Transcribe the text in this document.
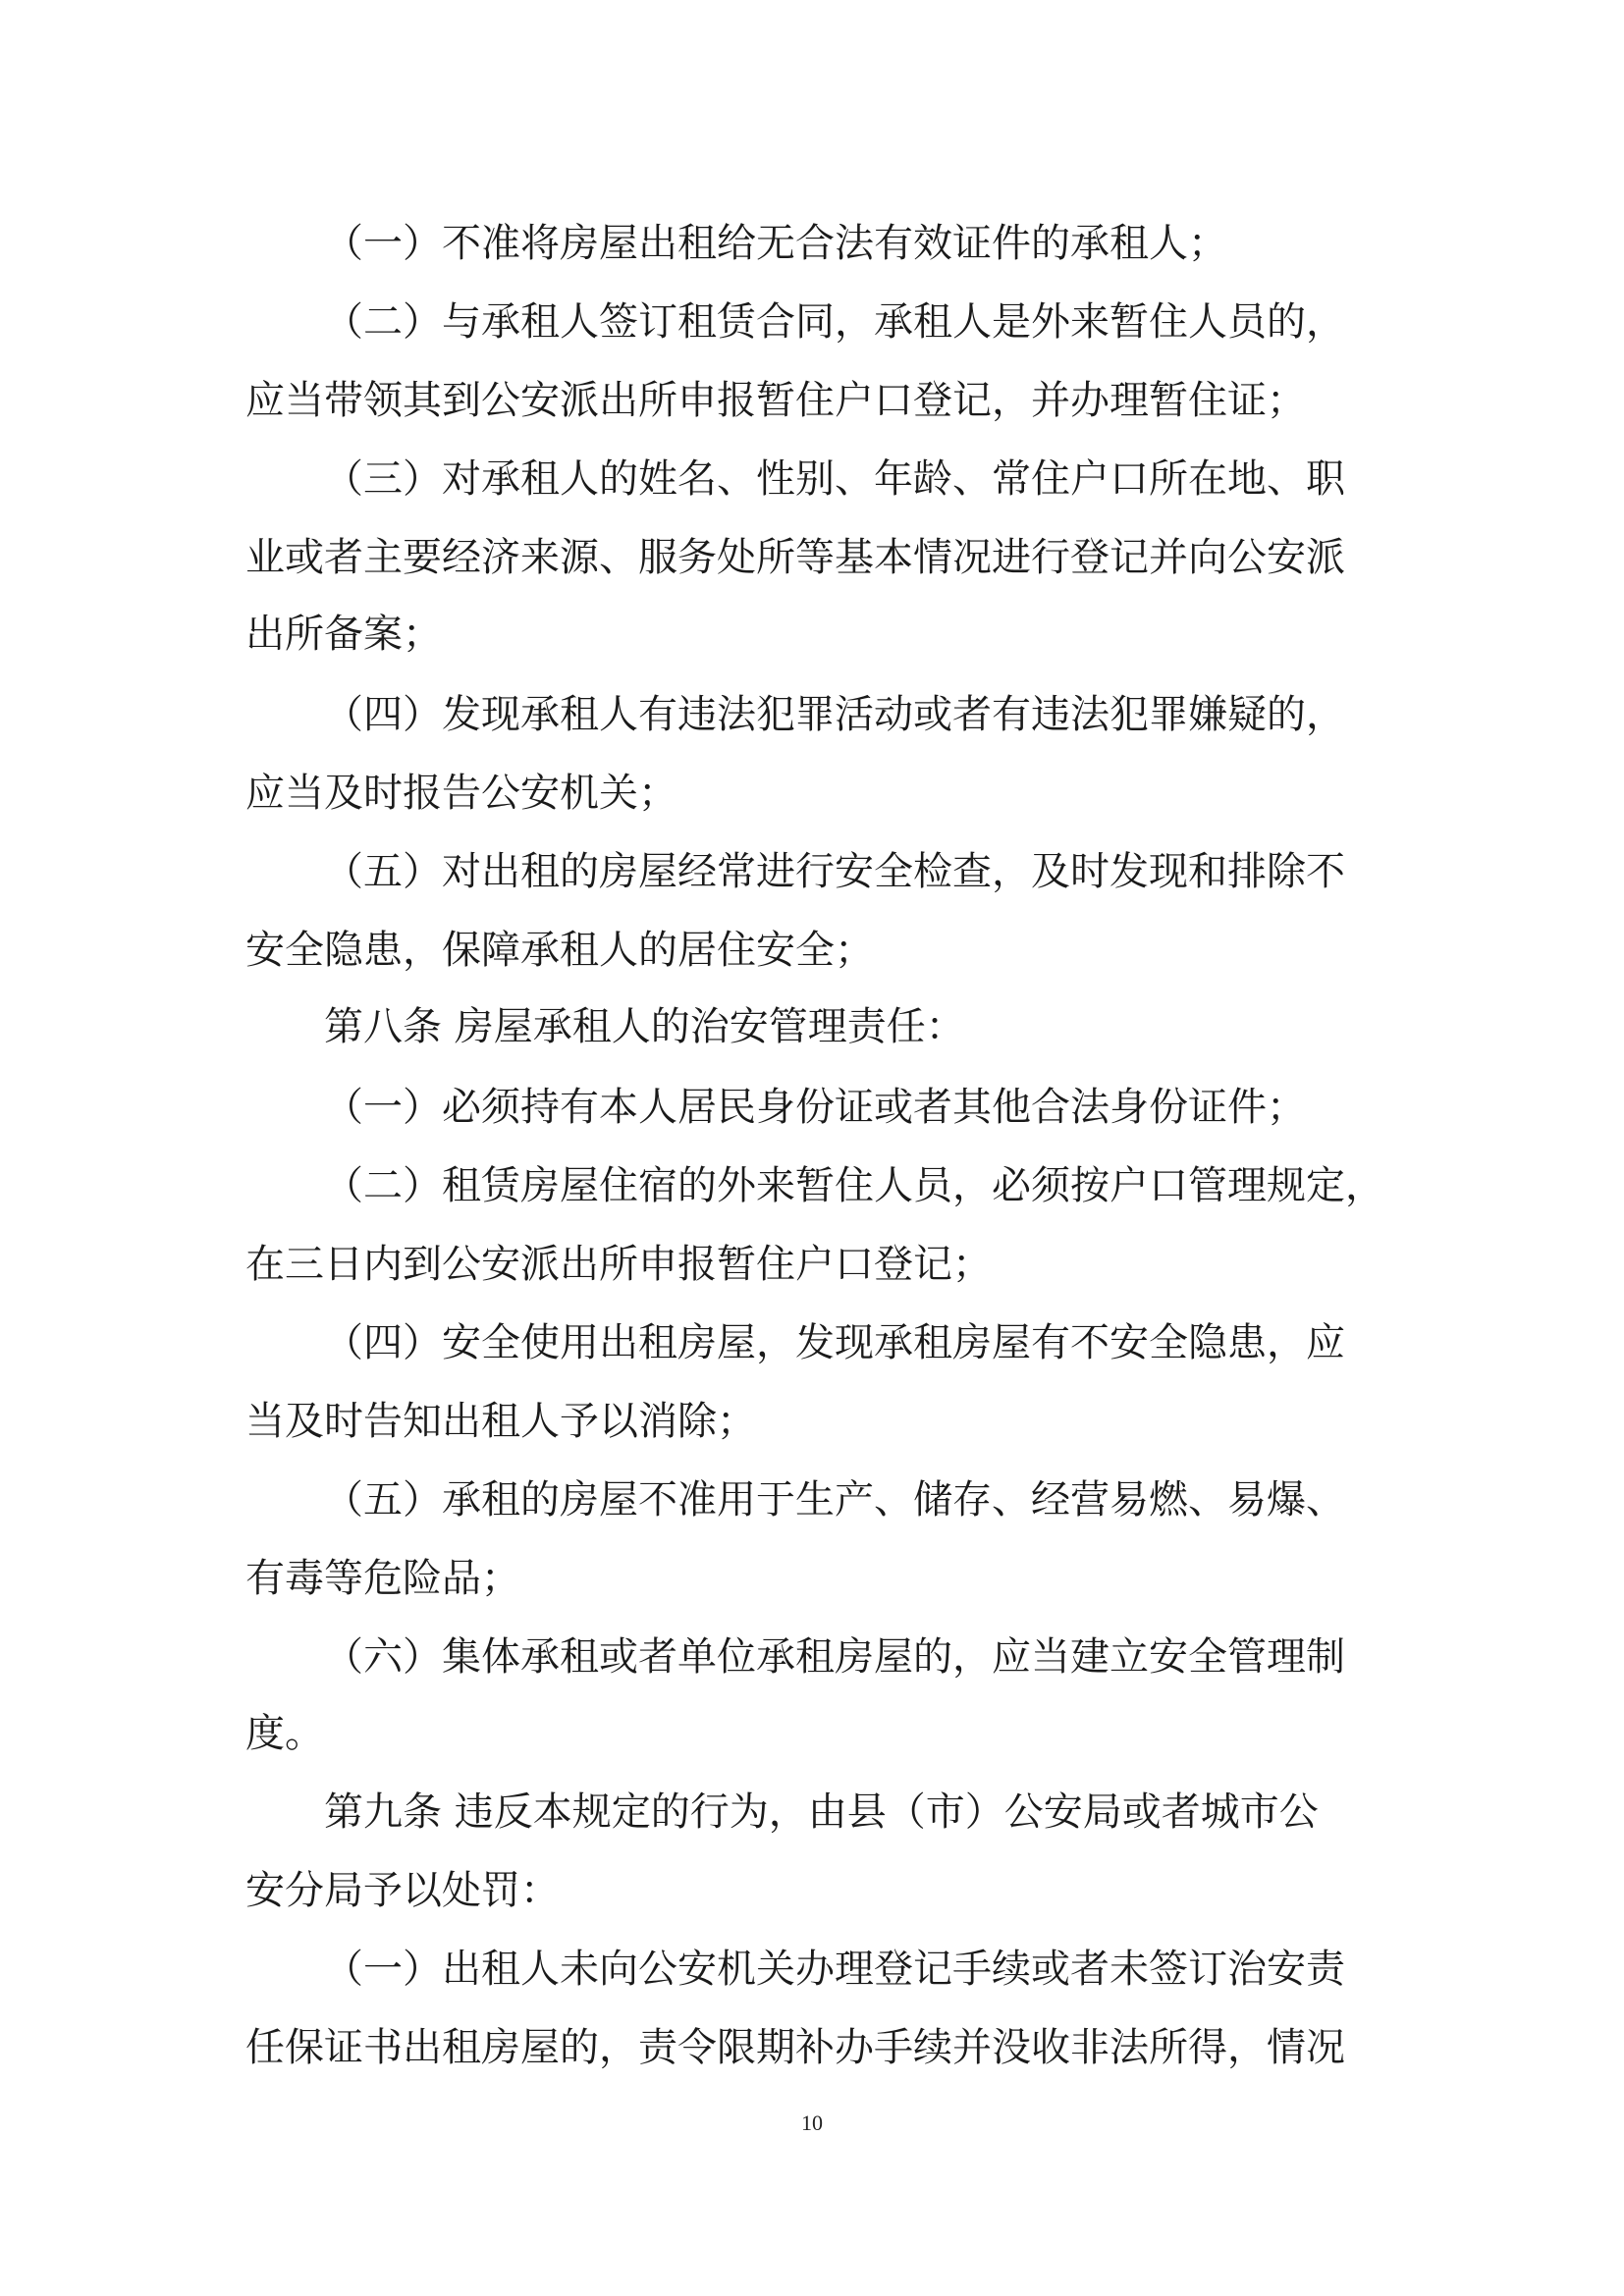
（一）不准将房屋出租给无合法有效证件的承租人；
（二）与承租人签订租赁合同，承租人是外来暂住人员的，
应当带领其到公安派出所申报暂住户口登记，并办理暂住证；
（三）对承租人的姓名、性别、年龄、常住户口所在地、职
业或者主要经济来源、服务处所等基本情况进行登记并向公安派
出所备案；
（四）发现承租人有违法犯罪活动或者有违法犯罪嫌疑的，
应当及时报告公安机关；
（五）对出租的房屋经常进行安全检查，及时发现和排除不
安全隐患，保障承租人的居住安全；
第八条 房屋承租人的治安管理责任：
（一）必须持有本人居民身份证或者其他合法身份证件；
（二）租赁房屋住宿的外来暂住人员，必须按户口管理规定，
在三日内到公安派出所申报暂住户口登记；
（四）安全使用出租房屋，发现承租房屋有不安全隐患，应
当及时告知出租人予以消除；
（五）承租的房屋不准用于生产、储存、经营易燃、易爆、
有毒等危险品；
（六）集体承租或者单位承租房屋的，应当建立安全管理制
度。
第九条 违反本规定的行为，由县（市）公安局或者城市公
安分局予以处罚：
（一）出租人未向公安机关办理登记手续或者未签订治安责
任保证书出租房屋的，责令限期补办手续并没收非法所得，情况
10
